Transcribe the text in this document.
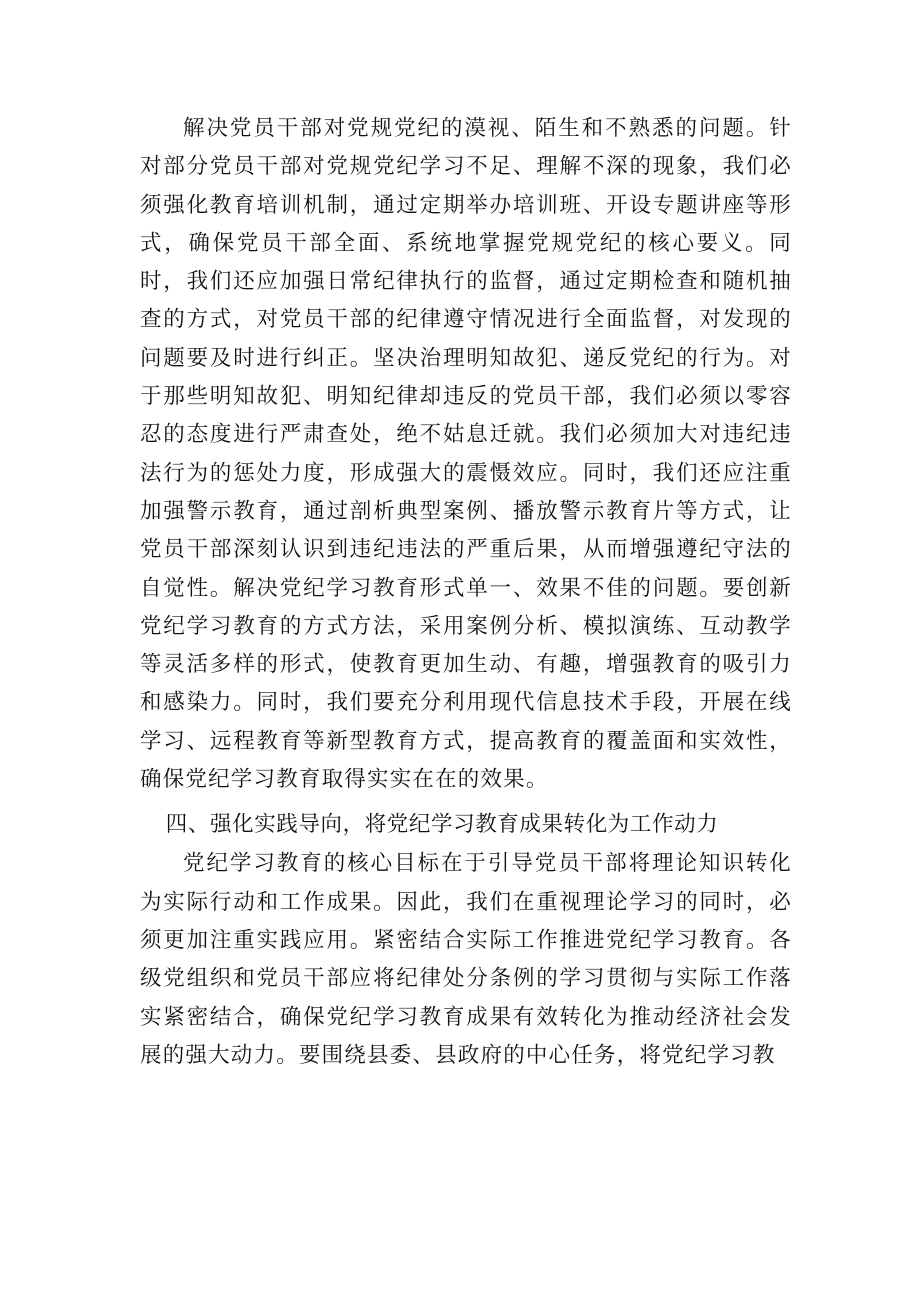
解决党员干部对党规党纪的漠视、陌生和不熟悉的问题。针对部分党员干部对党规党纪学习不足、理解不深的现象，我们必须强化教育培训机制，通过定期举办培训班、开设专题讲座等形式，确保党员干部全面、系统地掌握党规党纪的核心要义。同时，我们还应加强日常纪律执行的监督，通过定期检查和随机抽查的方式，对党员干部的纪律遵守情况进行全面监督，对发现的问题要及时进行纠正。坚决治理明知故犯、递反党纪的行为。对于那些明知故犯、明知纪律却违反的党员干部，我们必须以零容忍的态度进行严肃查处，绝不姑息迁就。我们必须加大对违纪违法行为的惩处力度，形成强大的震慑效应。同时，我们还应注重加强警示教育，通过剖析典型案例、播放警示教育片等方式，让党员干部深刻认识到违纪违法的严重后果，从而增强遵纪守法的自觉性。解决党纪学习教育形式单一、效果不佳的问题。要创新党纪学习教育的方式方法，采用案例分析、模拟演练、互动教学等灵活多样的形式，使教育更加生动、有趣，增强教育的吸引力和感染力。同时，我们要充分利用现代信息技术手段，开展在线学习、远程教育等新型教育方式，提高教育的覆盖面和实效性，确保党纪学习教育取得实实在在的效果。

四、强化实践导向，将党纪学习教育成果转化为工作动力

党纪学习教育的核心目标在于引导党员干部将理论知识转化为实际行动和工作成果。因此，我们在重视理论学习的同时，必须更加注重实践应用。紧密结合实际工作推进党纪学习教育。各级党组织和党员干部应将纪律处分条例的学习贯彻与实际工作落实紧密结合，确保党纪学习教育成果有效转化为推动经济社会发展的强大动力。要围绕县委、县政府的中心任务，将党纪学习教
